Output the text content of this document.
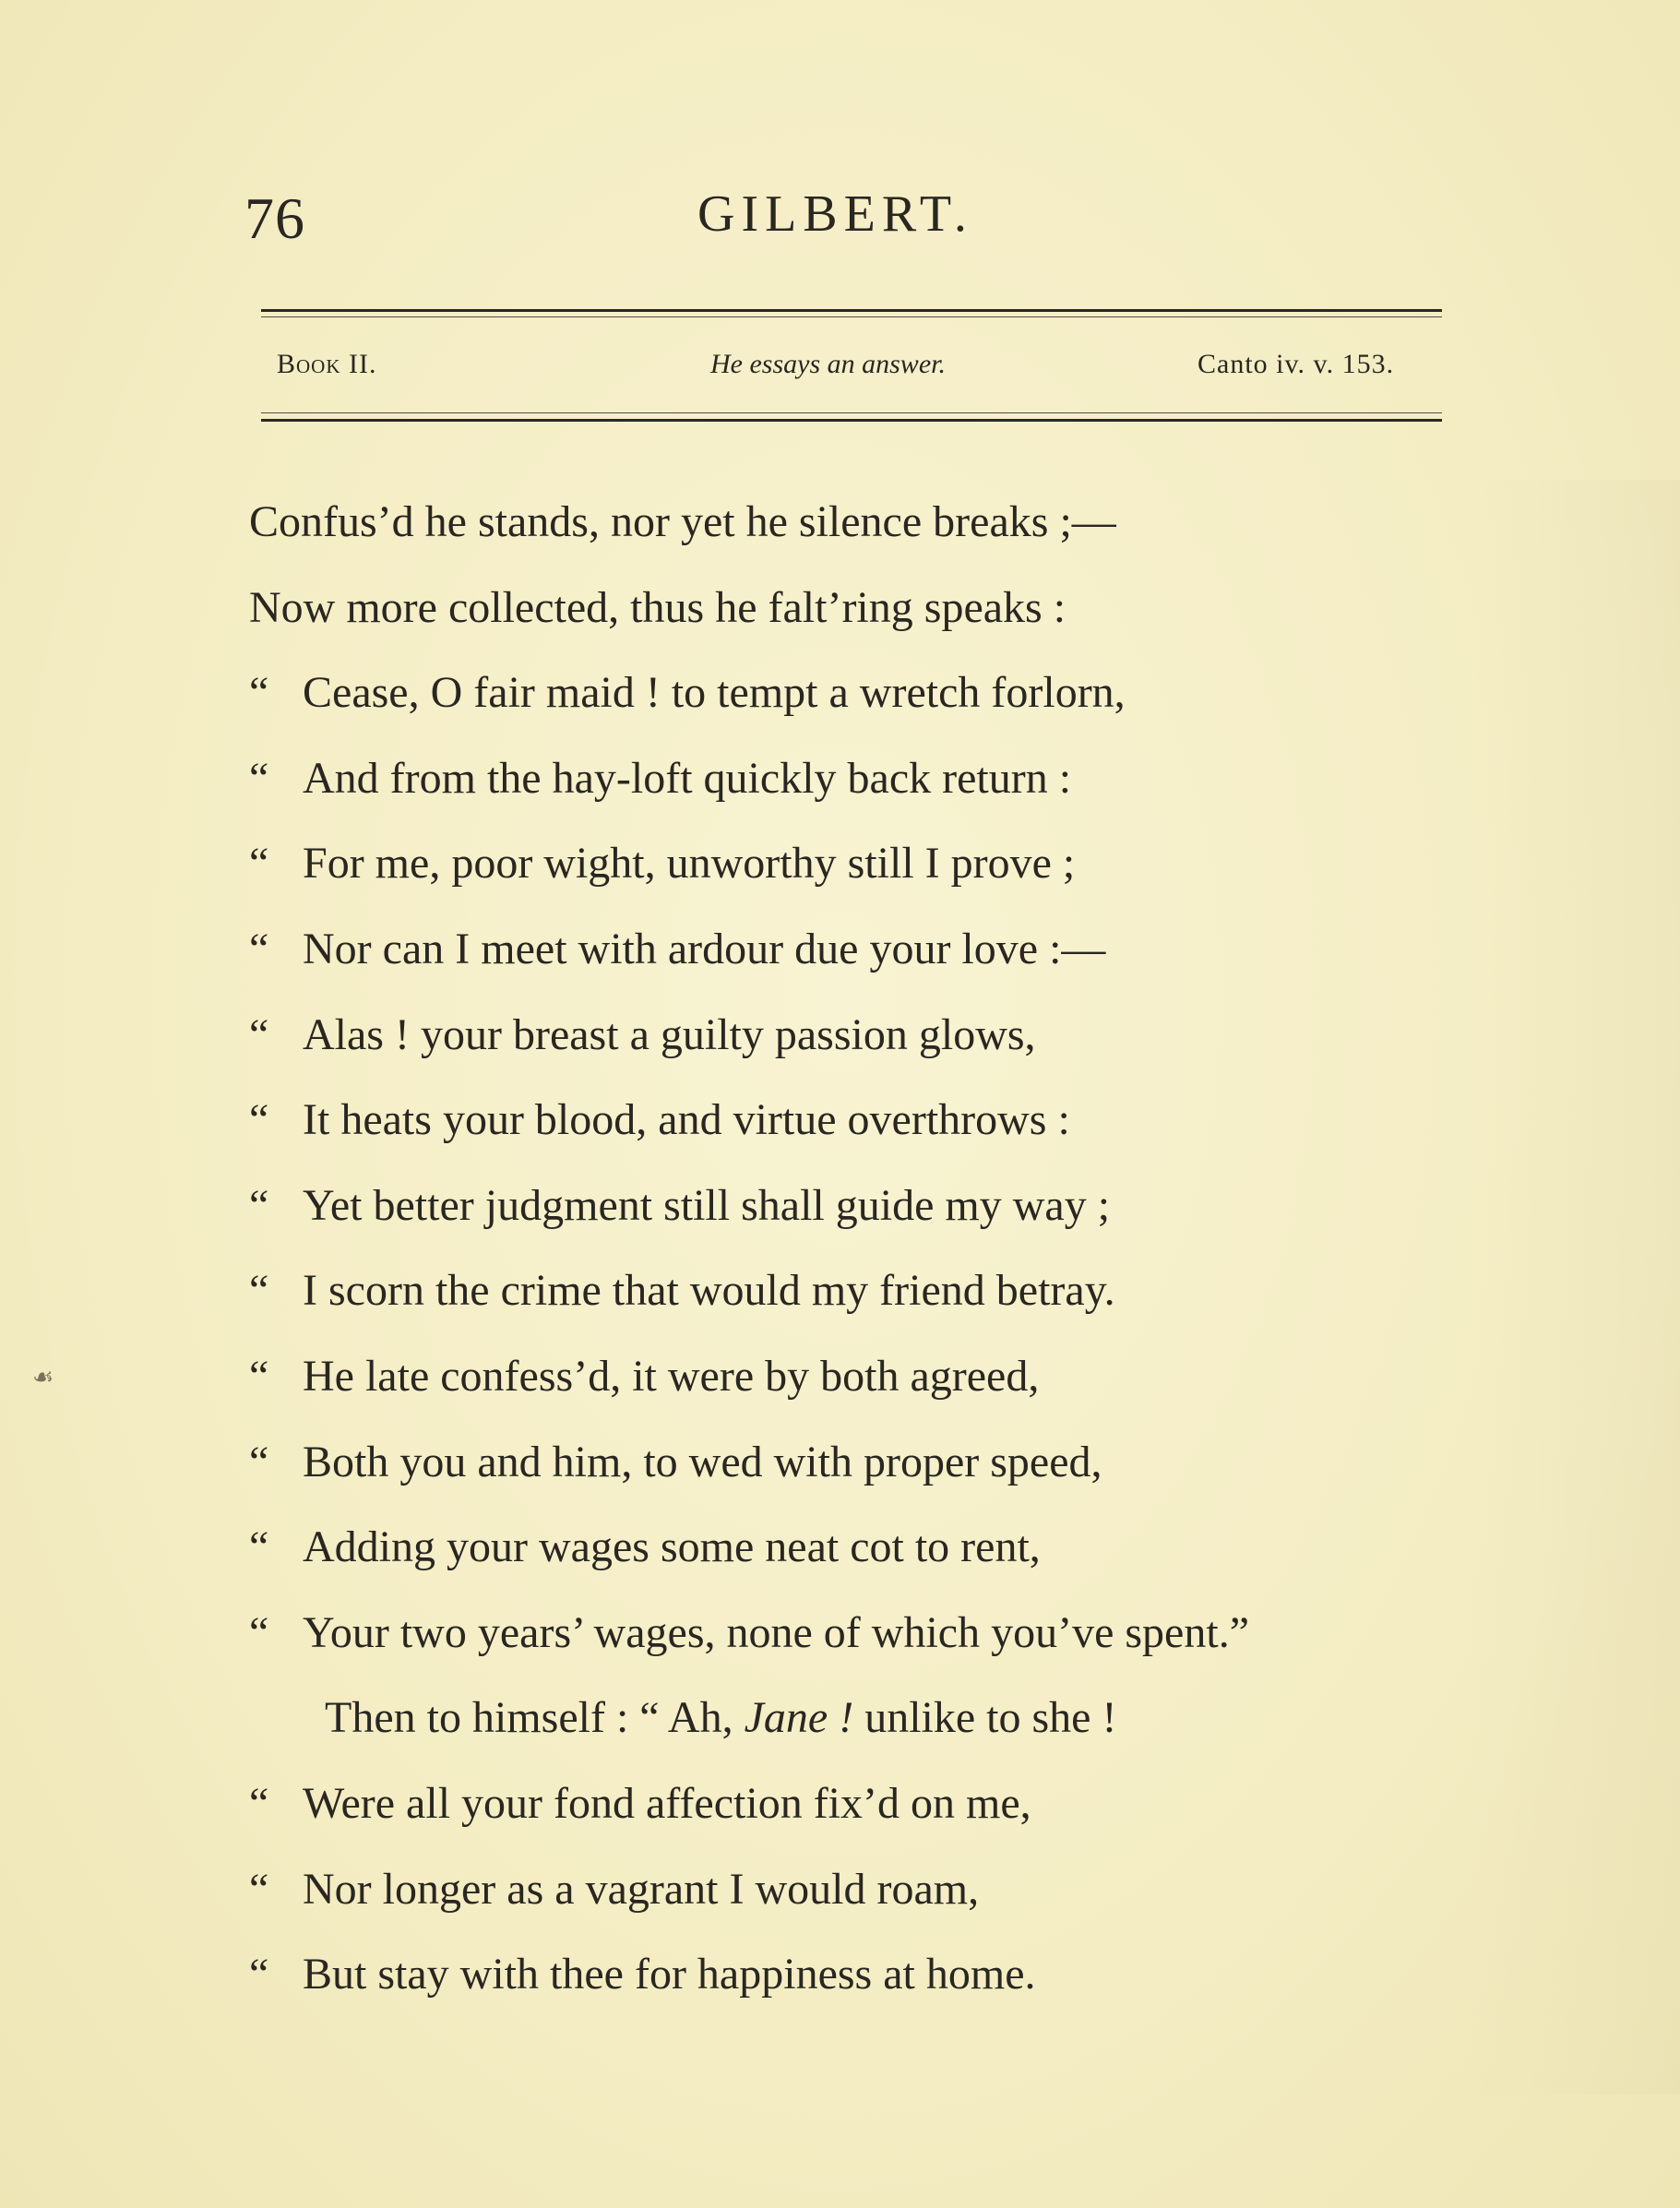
76	GILBERT.
Book II.	He essays an answer.	Canto iv. v. 153.
☙
Confus’d he stands, nor yet he silence breaks ;—
Now more collected, thus he falt’ring speaks :
“ Cease, O fair maid ! to tempt a wretch forlorn,
“ And from the hay-loft quickly back return :
“ For me, poor wight, unworthy still I prove ;
“ Nor can I meet with ardour due your love :—
“ Alas ! your breast a guilty passion glows,
“ It heats your blood, and virtue overthrows :
“ Yet better judgment still shall guide my way ;
“ I scorn the crime that would my friend betray.
“ He late confess’d, it were by both agreed,
“ Both you and him, to wed with proper speed,
“ Adding your wages some neat cot to rent,
“ Your two years’ wages, none of which you’ve spent.”
Then to himself : “ Ah, Jane ! unlike to she !
“ Were all your fond affection fix’d on me,
“ Nor longer as a vagrant I would roam,
“ But stay with thee for happiness at home.
